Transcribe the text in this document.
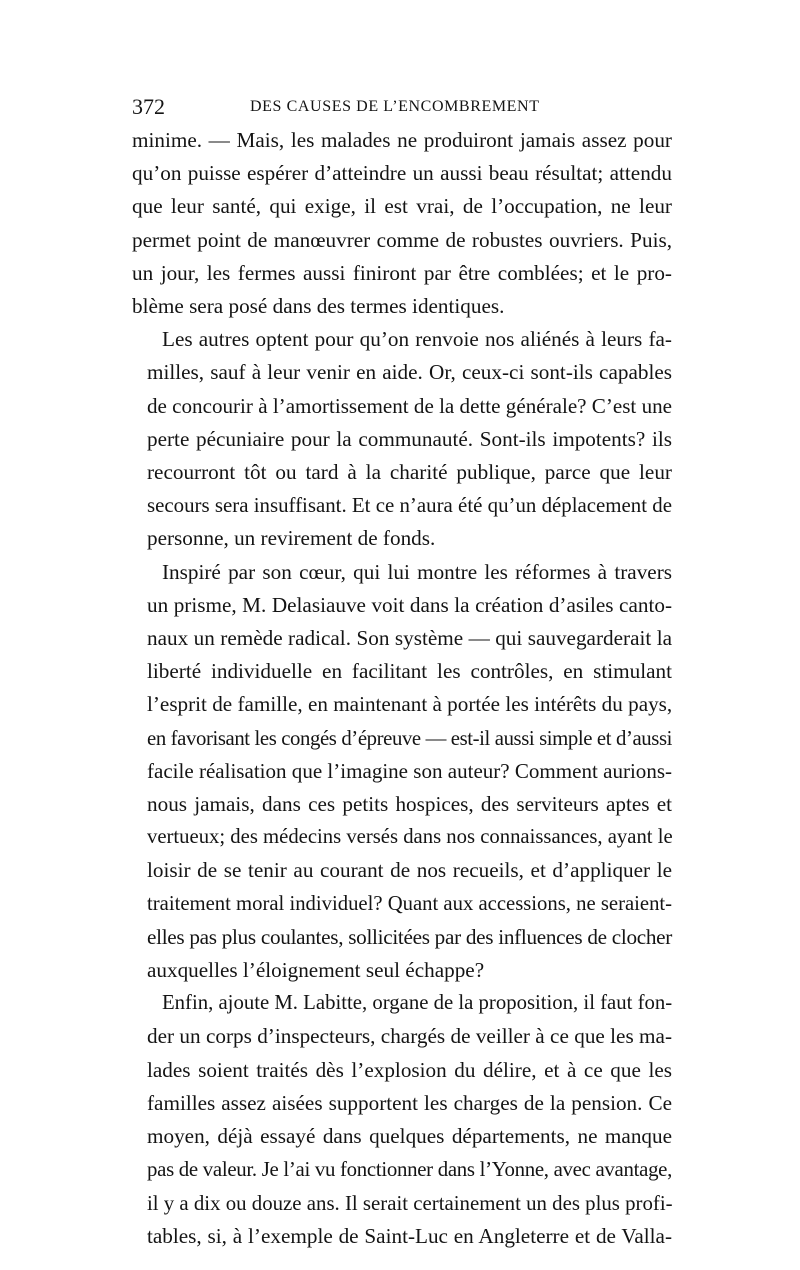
372	DES CAUSES DE L’ENCOMBREMENT

minime. — Mais, les malades ne produiront jamais assez pour
qu’on puisse espérer d’atteindre un aussi beau résultat; attendu
que leur santé, qui exige, il est vrai, de l’occupation, ne leur
permet point de manœuvrer comme de robustes ouvriers. Puis,
un jour, les fermes aussi finiront par être comblées; et le pro-
blème sera posé dans des termes identiques.

Les autres optent pour qu’on renvoie nos aliénés à leurs fa-
milles, sauf à leur venir en aide. Or, ceux-ci sont-ils capables
de concourir à l’amortissement de la dette générale? C’est une
perte pécuniaire pour la communauté. Sont-ils impotents? ils
recourront tôt ou tard à la charité publique, parce que leur
secours sera insuffisant. Et ce n’aura été qu’un déplacement de
personne, un revirement de fonds.

Inspiré par son cœur, qui lui montre les réformes à travers
un prisme, M. Delasiauve voit dans la création d’asiles canto-
naux un remède radical. Son système — qui sauvegarderait la
liberté individuelle en facilitant les contrôles, en stimulant
l’esprit de famille, en maintenant à portée les intérêts du pays,
en favorisant les congés d’épreuve — est-il aussi simple et d’aussi
facile réalisation que l’imagine son auteur? Comment aurions-
nous jamais, dans ces petits hospices, des serviteurs aptes et
vertueux; des médecins versés dans nos connaissances, ayant le
loisir de se tenir au courant de nos recueils, et d’appliquer le
traitement moral individuel? Quant aux accessions, ne seraient-
elles pas plus coulantes, sollicitées par des influences de clocher
auxquelles l’éloignement seul échappe?

Enfin, ajoute M. Labitte, organe de la proposition, il faut fon-
der un corps d’inspecteurs, chargés de veiller à ce que les ma-
lades soient traités dès l’explosion du délire, et à ce que les
familles assez aisées supportent les charges de la pension. Ce
moyen, déjà essayé dans quelques départements, ne manque
pas de valeur. Je l’ai vu fonctionner dans l’Yonne, avec avantage,
il y a dix ou douze ans. Il serait certainement un des plus profi-
tables, si, à l’exemple de Saint-Luc en Angleterre et de Valla-
